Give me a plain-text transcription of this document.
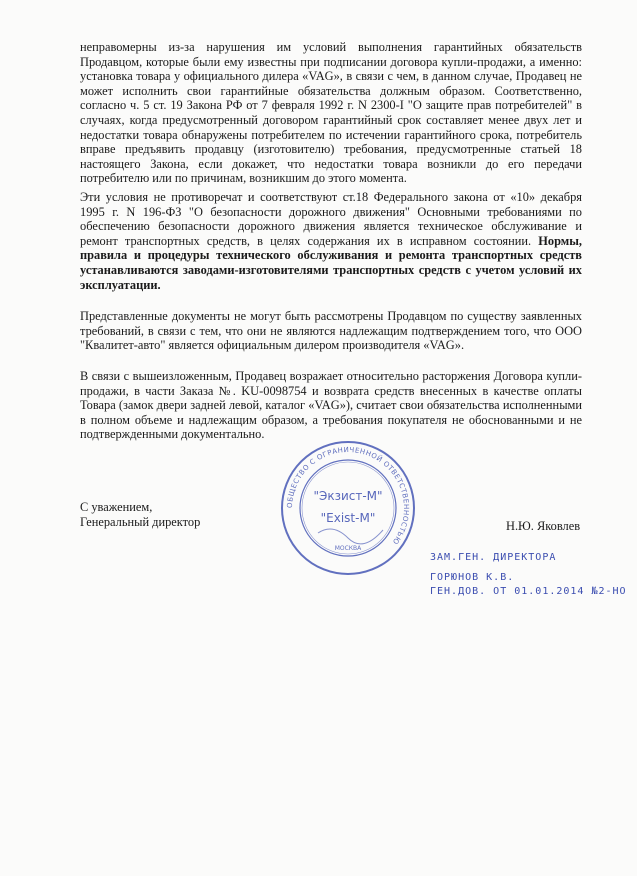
неправомерны из-за нарушения им условий выполнения гарантийных обязательств Продавцом, которые были ему известны при подписании договора купли-продажи, а именно: установка товара у официального дилера «VAG», в связи с чем, в данном случае, Продавец не может исполнить свои гарантийные обязательства должным образом. Соответственно, согласно ч. 5 ст. 19 Закона РФ от 7 февраля 1992 г. N 2300-I "О защите прав потребителей" в случаях, когда предусмотренный договором гарантийный срок составляет менее двух лет и недостатки товара обнаружены потребителем по истечении гарантийного срока, потребитель вправе предъявить продавцу (изготовителю) требования, предусмотренные статьей 18 настоящего Закона, если докажет, что недостатки товара возникли до его передачи потребителю или по причинам, возникшим до этого момента.

Эти условия не противоречат и соответствуют ст.18 Федерального закона от «10» декабря 1995 г. N 196-ФЗ "О безопасности дорожного движения" Основными требованиями по обеспечению безопасности дорожного движения является техническое обслуживание и ремонт транспортных средств, в целях содержания их в исправном состоянии. Нормы, правила и процедуры технического обслуживания и ремонта транспортных средств устанавливаются заводами-изготовителями транспортных средств с учетом условий их эксплуатации.

Представленные документы не могут быть рассмотрены Продавцом по существу заявленных требований, в связи с тем, что они не являются надлежащим подтверждением того, что ООО "Квалитет-авто" является официальным дилером производителя «VAG».

В связи с вышеизложенным, Продавец возражает относительно расторжения Договора купли-продажи, в части Заказа №. KU-0098754 и возврата средств внесенных в качестве оплаты Товара (замок двери задней левой, каталог «VAG»), считает свои обязательства исполненными в полном объеме и надлежащим образом, а требования покупателя не обоснованными и не подтвержденными документально.

С уважением,
Генеральный директор	Н.Ю. Яковлев
ОБЩЕСТВО С ОГРАНИЧЕННОЙ ОТВЕТСТВЕННОСТЬЮ
"Экзист-М"
"Exist-M"
МОСКВА
ЗАМ.ГЕН. ДИРЕКТОРА
ГОРЮНОВ К.В.
ГЕН.ДОВ. ОТ 01.01.2014 №2-НО
